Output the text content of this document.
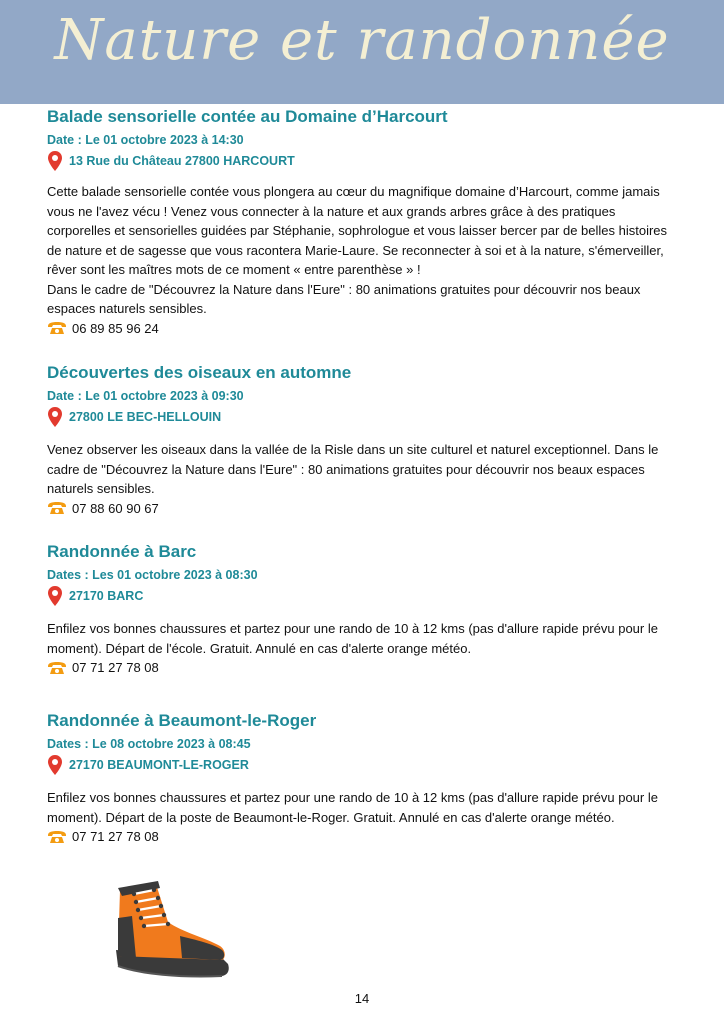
Nature et randonnée
Balade sensorielle contée au Domaine d’Harcourt
Date : Le 01 octobre 2023 à 14:30
13 Rue du Château 27800 HARCOURT
Cette balade sensorielle contée vous plongera au cœur du magnifique domaine d’Harcourt, comme jamais vous ne l'avez vécu ! Venez vous connecter à la nature et aux grands arbres grâce à des pratiques corporelles et sensorielles guidées par Stéphanie, sophrologue et vous laisser bercer par de belles histoires de nature et de sagesse que vous racontera Marie-Laure. Se reconnecter à soi et à la nature, s'émerveiller, rêver sont les maîtres mots de ce moment « entre parenthèse » !
Dans le cadre de "Découvrez la Nature dans l'Eure" : 80 animations gratuites pour découvrir nos beaux espaces naturels sensibles.
06 89 85 96 24
Découvertes des oiseaux en automne
Date : Le 01 octobre 2023 à 09:30
27800 LE BEC-HELLOUIN
Venez observer les oiseaux dans la vallée de la Risle dans un site culturel et naturel exceptionnel. Dans le cadre de "Découvrez la Nature dans l'Eure" : 80 animations gratuites pour découvrir nos beaux espaces naturels sensibles.
07 88 60 90 67
Randonnée à Barc
Dates : Les 01 octobre 2023 à 08:30
27170 BARC
Enfilez vos bonnes chaussures et partez pour une rando de 10 à 12 kms (pas d'allure rapide prévu pour le moment). Départ de l'école. Gratuit. Annulé en cas d'alerte orange météo.
07 71 27 78 08
Randonnée à Beaumont-le-Roger
Dates : Le 08 octobre 2023 à 08:45
27170 BEAUMONT-LE-ROGER
Enfilez vos bonnes chaussures et partez pour une rando de 10 à 12 kms (pas d'allure rapide prévu pour le moment). Départ de la poste de Beaumont-le-Roger. Gratuit. Annulé en cas d'alerte orange météo.
07 71 27 78 08
14
